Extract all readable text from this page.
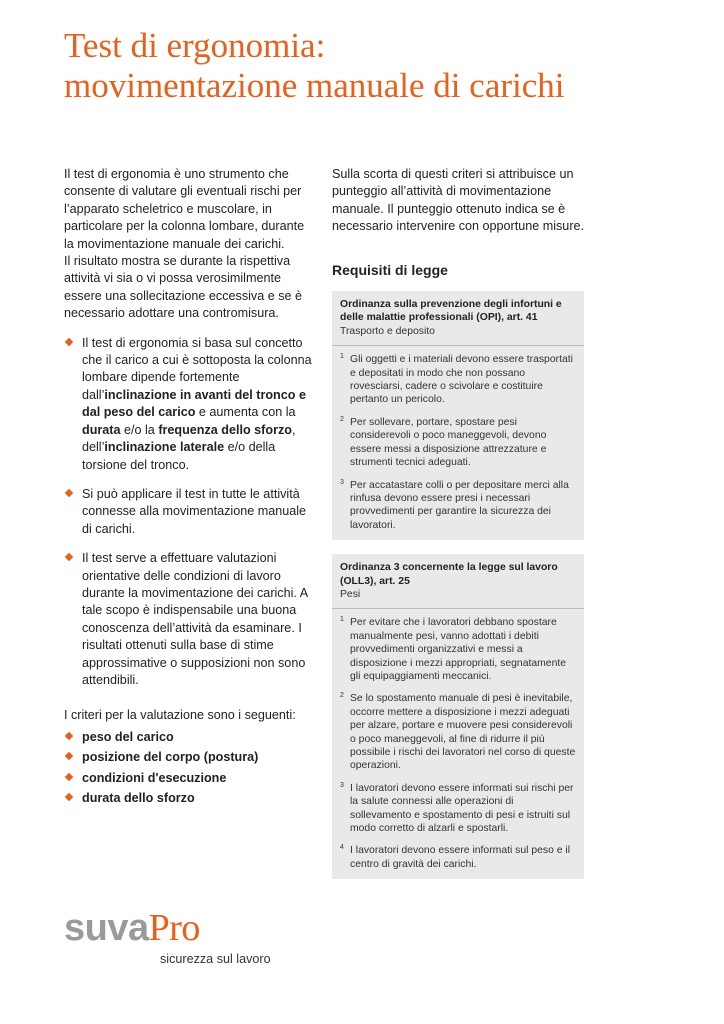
Test di ergonomia:
movimentazione manuale di carichi

Il test di ergonomia è uno strumento che consente di valutare gli eventuali rischi per l’apparato scheletrico e muscolare, in particolare per la colonna lombare, durante la movimentazione manuale dei carichi.

Il risultato mostra se durante la rispettiva attività vi sia o vi possa verosimilmente essere una sollecitazione eccessiva e se è necessario adottare una contromisura.

Il test di ergonomia si basa sul concetto che il carico a cui è sottoposta la colonna lombare dipende fortemente dall’inclinazione in avanti del tronco e dal peso del carico e aumenta con la durata e/o la frequenza dello sforzo, dell’inclinazione laterale e/o della torsione del tronco.
Si può applicare il test in tutte le attività connesse alla movimentazione manuale di carichi.
Il test serve a effettuare valutazioni orientative delle condizioni di lavoro durante la movimentazione dei carichi. A tale scopo è indispensabile una buona conoscenza dell’attività da esaminare. I risultati ottenuti sulla base di stime approssimative o supposizioni non sono attendibili.

I criteri per la valutazione sono i seguenti:

peso del carico
posizione del corpo (postura)
condizioni d'esecuzione
durata dello sforzo

Sulla scorta di questi criteri si attribuisce un punteggio all’attività di movimentazione manuale. Il punteggio ottenuto indica se è necessario intervenire con opportune misure.

Requisiti di legge
Ordinanza sulla prevenzione degli infortuni e delle malattie professionali (OPI), art. 41
Trasporto e deposito
1 Gli oggetti e i materiali devono essere trasportati e depositati in modo che non possano rovesciarsi, cadere o scivolare e costituire pertanto un pericolo.
2 Per sollevare, portare, spostare pesi considerevoli o poco maneggevoli, devono essere messi a disposizione attrezzature e strumenti tecnici adeguati.
3 Per accatastare colli o per depositare merci alla rinfusa devono essere presi i necessari provvedimenti per garantire la sicurezza dei lavoratori.
Ordinanza 3 concernente la legge sul lavoro (OLL3), art. 25
Pesi
1 Per evitare che i lavoratori debbano spostare manualmente pesi, vanno adottati i debiti provvedimenti organizzativi e messi a disposizione i mezzi appropriati, segnatamente gli equipaggiamenti meccanici.
2 Se lo spostamento manuale di pesi è inevitabile, occorre mettere a disposizione i mezzi adeguati per alzare, portare e muovere pesi considerevoli o poco maneggevoli, al fine di ridurre il più possibile i rischi dei lavoratori nel corso di queste operazioni.
3 I lavoratori devono essere informati sui rischi per la salute connessi alle operazioni di sollevamento e spostamento di pesi e istruiti sul modo corretto di alzarli e spostarli.
4 I lavoratori devono essere informati sul peso e il centro di gravità dei carichi.
suvaPro
sicurezza sul lavoro
